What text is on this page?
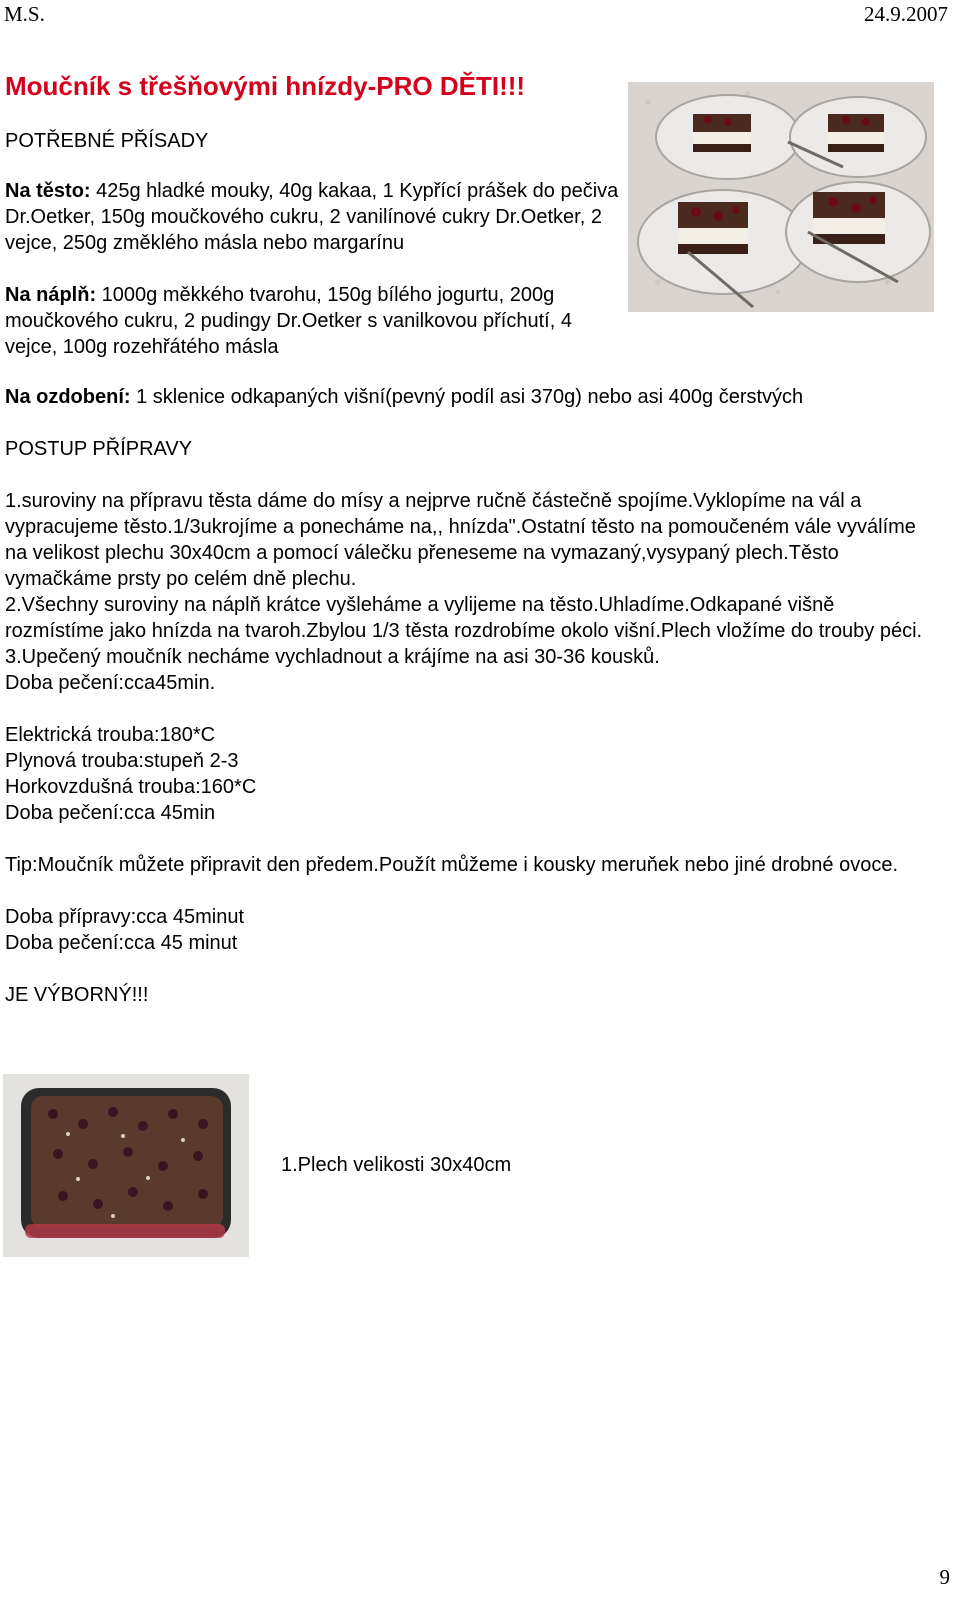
M.S.	24.9.2007

Moučník s třešňovými hnízdy-PRO DĚTI!!!

POTŘEBNÉ PŘÍSADY

Na těsto: 425g hladké mouky, 40g kakaa, 1 Kypřící prášek do pečiva Dr.Oetker, 150g moučkového cukru, 2 vanilínové cukry Dr.Oetker, 2 vejce, 250g změklého másla nebo margarínu

Na náplň: 1000g měkkého tvarohu, 150g bílého jogurtu, 200g moučkového cukru, 2 pudingy Dr.Oetker s vanilkovou příchutí, 4 vejce, 100g rozehřátého másla

Na ozdobení: 1 sklenice odkapaných višní(pevný podíl asi 370g) nebo asi 400g čerstvých

POSTUP PŘÍPRAVY

1.suroviny na přípravu těsta dáme do mísy a nejprve ručně částečně spojíme.Vyklopíme na vál a vypracujeme těsto.1/3ukrojíme a ponecháme na,, hnízda".Ostatní těsto na pomoučeném vále vyválíme na velikost plechu 30x40cm a pomocí válečku přeneseme na vymazaný,vysypaný plech.Těsto vymačkáme prsty po celém dně plechu.

2.Všechny suroviny na náplň krátce vyšleháme a vylijeme na těsto.Uhladíme.Odkapané višně rozmístíme jako hnízda na tvaroh.Zbylou 1/3 těsta rozdrobíme okolo višní.Plech vložíme do trouby péci.

3.Upečený moučník necháme vychladnout a krájíme na asi 30-36 kousků.

Doba pečení:cca45min.

Elektrická trouba:180*C

Plynová trouba:stupeň 2-3

Horkovzdušná trouba:160*C

Doba pečení:cca 45min

Tip:Moučník můžete připravit den předem.Použít můžeme i kousky meruňek nebo jiné drobné ovoce.

Doba přípravy:cca 45minut

Doba pečení:cca 45 minut

JE VÝBORNÝ!!!

1.Plech velikosti 30x40cm
9
